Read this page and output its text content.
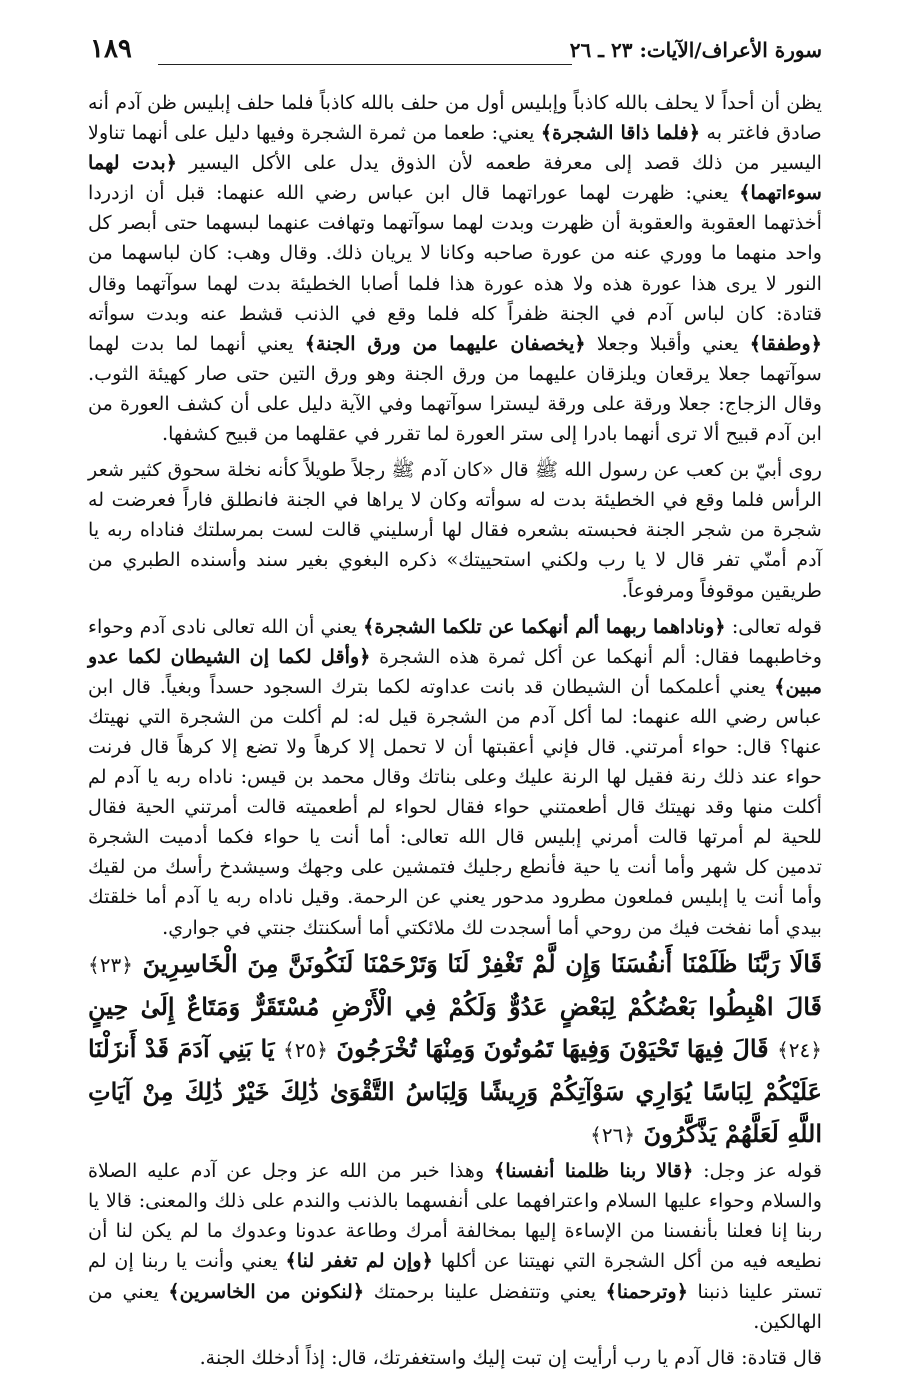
١٨٩	سورة الأعراف/الآيات: ٢٣ ـ ٢٦

يظن أن أحداً لا يحلف بالله كاذباً وإبليس أول من حلف بالله كاذباً فلما حلف إبليس ظن آدم أنه صادق فاغتر به ﴿فلما ذاقا الشجرة﴾ يعني: طعما من ثمرة الشجرة وفيها دليل على أنهما تناولا اليسير من ذلك قصد إلى معرفة طعمه لأن الذوق يدل على الأكل اليسير ﴿بدت لهما سوءاتهما﴾ يعني: ظهرت لهما عوراتهما قال ابن عباس رضي الله عنهما: قبل أن ازدردا أخذتهما العقوبة والعقوبة أن ظهرت وبدت لهما سوآتهما وتهافت عنهما لبسهما حتى أبصر كل واحد منهما ما ووري عنه من عورة صاحبه وكانا لا يريان ذلك. وقال وهب: كان لباسهما من النور لا يرى هذا عورة هذه ولا هذه عورة هذا فلما أصابا الخطيئة بدت لهما سوآتهما وقال قتادة: كان لباس آدم في الجنة ظفراً كله فلما وقع في الذنب قشط عنه وبدت سوأته ﴿وطفقا﴾ يعني وأقبلا وجعلا ﴿يخصفان عليهما من ورق الجنة﴾ يعني أنهما لما بدت لهما سوآتهما جعلا يرقعان ويلزقان عليهما من ورق الجنة وهو ورق التين حتى صار كهيئة الثوب. وقال الزجاج: جعلا ورقة على ورقة ليسترا سوآتهما وفي الآية دليل على أن كشف العورة من ابن آدم قبيح ألا ترى أنهما بادرا إلى ستر العورة لما تقرر في عقلهما من قبيح كشفها.

روى أبيّ بن كعب عن رسول الله ﷺ قال «كان آدم ﷺ رجلاً طويلاً كأنه نخلة سحوق كثير شعر الرأس فلما وقع في الخطيئة بدت له سوأته وكان لا يراها في الجنة فانطلق فاراً فعرضت له شجرة من شجر الجنة فحبسته بشعره فقال لها أرسليني قالت لست بمرسلتك فناداه ربه يا آدم أمنّي تفر قال لا يا رب ولكني استحييتك» ذكره البغوي بغير سند وأسنده الطبري من طريقين موقوفاً ومرفوعاً.

قوله تعالى: ﴿وناداهما ربهما ألم أنهكما عن تلكما الشجرة﴾ يعني أن الله تعالى نادى آدم وحواء وخاطبهما فقال: ألم أنهكما عن أكل ثمرة هذه الشجرة ﴿وأقل لكما إن الشيطان لكما عدو مبين﴾ يعني أعلمكما أن الشيطان قد بانت عداوته لكما بترك السجود حسداً وبغياً. قال ابن عباس رضي الله عنهما: لما أكل آدم من الشجرة قيل له: لم أكلت من الشجرة التي نهيتك عنها؟ قال: حواء أمرتني. قال فإني أعقبتها أن لا تحمل إلا كرهاً ولا تضع إلا كرهاً قال فرنت حواء عند ذلك رنة فقيل لها الرنة عليك وعلى بناتك وقال محمد بن قيس: ناداه ربه يا آدم لم أكلت منها وقد نهيتك قال أطعمتني حواء فقال لحواء لم أطعميته قالت أمرتني الحية فقال للحية لم أمرتها قالت أمرني إبليس قال الله تعالى: أما أنت يا حواء فكما أدميت الشجرة تدمين كل شهر وأما أنت يا حية فأنطع رجليك فتمشين على وجهك وسيشدخ رأسك من لقيك وأما أنت يا إبليس فملعون مطرود مدحور يعني عن الرحمة. وقيل ناداه ربه يا آدم أما خلقتك بيدي أما نفخت فيك من روحي أما أسجدت لك ملائكتي أما أسكنتك جنتي في جواري.

قَالَا رَبَّنَا ظَلَمْنَا أَنفُسَنَا وَإِن لَّمْ تَغْفِرْ لَنَا وَتَرْحَمْنَا لَنَكُونَنَّ مِنَ الْخَاسِرِينَ ﴿٢٣﴾ قَالَ اهْبِطُوا بَعْضُكُمْ لِبَعْضٍ عَدُوٌّ وَلَكُمْ فِي الْأَرْضِ مُسْتَقَرٌّ وَمَتَاعٌ إِلَىٰ حِينٍ ﴿٢٤﴾ قَالَ فِيهَا تَحْيَوْنَ وَفِيهَا تَمُوتُونَ وَمِنْهَا تُخْرَجُونَ ﴿٢٥﴾ يَا بَنِي آدَمَ قَدْ أَنزَلْنَا عَلَيْكُمْ لِبَاسًا يُوَارِي سَوْآتِكُمْ وَرِيشًا وَلِبَاسُ التَّقْوَىٰ ذَٰلِكَ خَيْرٌ ذَٰلِكَ مِنْ آيَاتِ اللَّهِ لَعَلَّهُمْ يَذَّكَّرُونَ ﴿٢٦﴾

قوله عز وجل: ﴿قالا ربنا ظلمنا أنفسنا﴾ وهذا خبر من الله عز وجل عن آدم عليه الصلاة والسلام وحواء عليها السلام واعترافهما على أنفسهما بالذنب والندم على ذلك والمعنى: قالا يا ربنا إنا فعلنا بأنفسنا من الإساءة إليها بمخالفة أمرك وطاعة عدونا وعدوك ما لم يكن لنا أن نطيعه فيه من أكل الشجرة التي نهيتنا عن أكلها ﴿وإن لم تغفر لنا﴾ يعني وأنت يا ربنا إن لم تستر علينا ذنبنا ﴿وترحمنا﴾ يعني وتتفضل علينا برحمتك ﴿لنكونن من الخاسرين﴾ يعني من الهالكين.

قال قتادة: قال آدم يا رب أرأيت إن تبت إليك واستغفرتك، قال: إذاً أدخلك الجنة.
